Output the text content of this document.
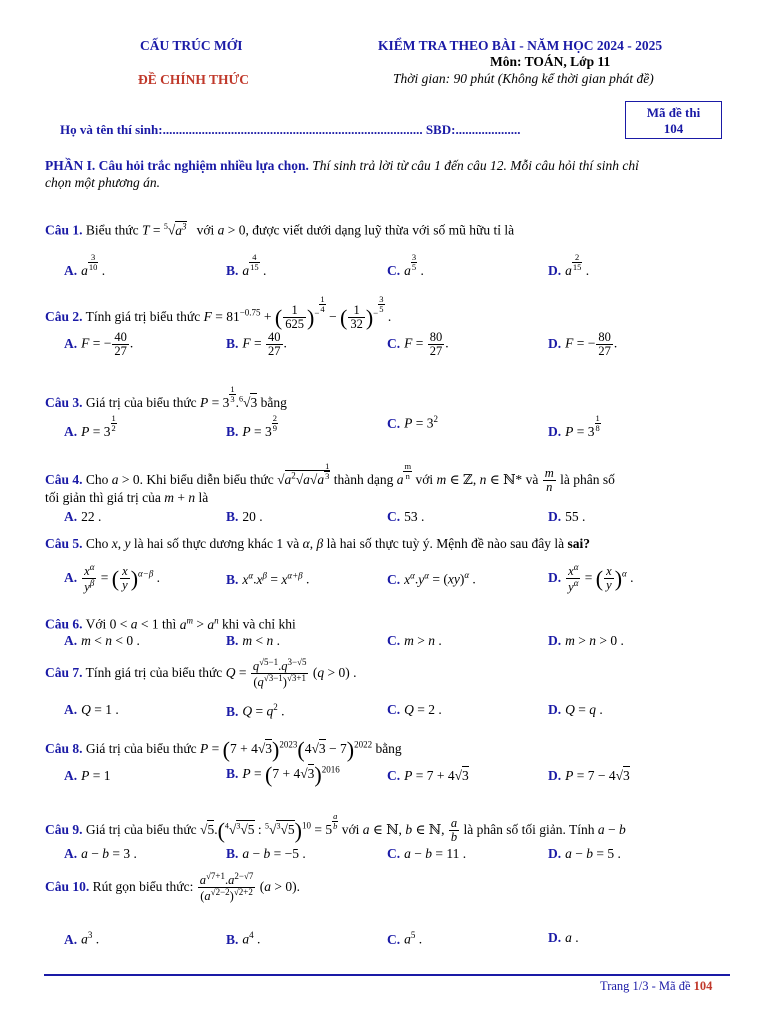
CẤU TRÚC MỚI
ĐỀ CHÍNH THỨC
KIỂM TRA THEO BÀI - NĂM HỌC 2024 - 2025
Môn: TOÁN, Lớp 11
Thời gian: 90 phút (Không kể thời gian phát đề)
Họ và tên thí sinh:................................................................................ SBD:....................
Mã đề thi
104
PHẦN I. Câu hỏi trắc nghiệm nhiều lựa chọn. Thí sinh trả lời từ câu 1 đến câu 12. Mỗi câu hỏi thí sinh chỉ
chọn một phương án.
Câu 1. Biểu thức $T = ^5√a^3$   với a > 0, được viết dưới dạng luỹ thừa với số mũ hữu tỉ là
A. a $\frac{3}{10}$ .	B. a $\frac{4}{15}$ .	C. a $\frac{3}{5}$ .	D. a $\frac{2}{15}$ .
Câu 2. Tính giá trị biểu thức $F = 81^{-0.75}$ + ( $\frac{1}{625} )^{- \frac{1}{4}}$
− ( $\frac{1}{32} )^{- \frac{3}{5}}$
.
A. F = − $\frac{40}{27}$ .	B. $F = \frac{40}{27}$ .	C. $F = \frac{80}{27}$ .	D. F = − $\frac{80}{27}$ .
Câu 3. Giá trị của biểu thức $P = 3 \frac{1}{3} .^6√3$ bằng
A. $P = 3 \frac{1}{2}$	B. $P = 3 \frac{2}{9}$	C. $P = 3^2$
D. $P = 3 \frac{1}{8}$
Câu 4. Cho a > 0. Khi biểu diễn biểu thức $√a^2√a√a \frac{1}{3}$ thành dạng a $\frac{m}{n}$ với m ∈ ℤ, n ∈ ℕ* và $\frac{m}{n}$ là phân số
tối giản thì giá trị của m + n là
A. 22 .	B. 20 .	C. 53 .	D. 55 .
Câu 5. Cho x, y là hai số thực dương khác 1 và α, β là hai số thực tuỳ ý. Mệnh đề nào sau đây là sai?
A. $\frac{x^\alpha}{y^\beta}$ = ( $\frac{x}{y} )^{\alpha-\beta}$ .	B. $x^\alpha.x^\beta = x^{\alpha+\beta}$ .	C. $x^\alpha.y^\alpha = (xy)^\alpha$ .	D. $\frac{x^\alpha}{y^\alpha}$ = ( $\frac{x}{y} )^\alpha$ .
Câu 6. Với 0 < a < 1 thì $a^m > a^n$ khi và chỉ khi
A. m < n < 0 .	B. m < n .	C. m > n .	D. m > n > 0 .
Câu 7. Tính giá trị của biểu thức $Q = \frac{q^{√5-1}.q^{3-√5}}{(q^{√3-1})^{√3+1}} (q > 0)$ .
A. Q = 1 .	B. $Q = q^2$ .	C. Q = 2 .	D. Q = q .
Câu 8. Giá trị của biểu thức $P = (7 + 4√3)^{2023}(4√3 - 7)^{2022}$ bằng
A. P = 1	B. $P = (7 + 4√3)^{2016}$	C. P = 7 + 4√3	D. P = 7 − 4√3
Câu 9. Giá trị của biểu thức √5.($^4$√$^3$√5 : $^5√^3√5)^{10} = 5 \frac{a}{b}$ với a ∈ ℕ, b ∈ ℕ, $\frac{a}{b}$ là phân số tối giản. Tính a − b
A. a − b = 3 .	B. a − b = −5 .	C. a − b = 11 .	D. a − b = 5 .
Câu 10. Rút gọn biểu thức: $\frac{a^{√7+1}.a^{2-√7}}{(a^{√2-2})^{√2+2}} (a > 0)$.
A. $a^3$ .	B. $a^4$ .	C. $a^5$ .	D. a .
Trang 1/3 - Mã đề 104
